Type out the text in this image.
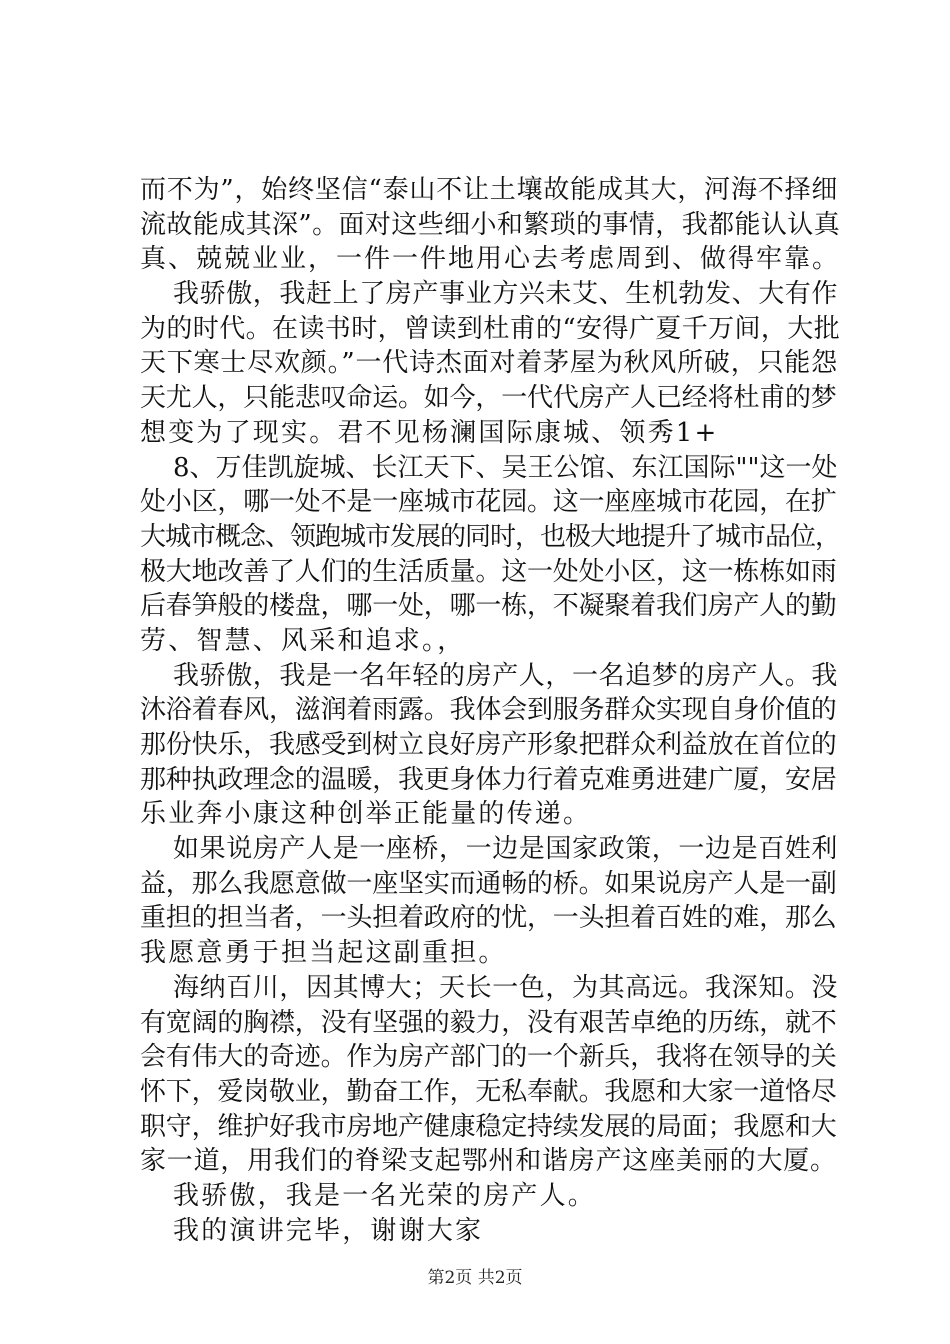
而不为”，始终坚信“泰山不让土壤故能成其大，河海不择细
流故能成其深”。面对这些细小和繁琐的事情，我都能认认真
真、兢兢业业，一件一件地用心去考虑周到、做得牢靠。
我骄傲，我赶上了房产事业方兴未艾、生机勃发、大有作
为的时代。在读书时，曾读到杜甫的“安得广夏千万间，大批
天下寒士尽欢颜。”一代诗杰面对着茅屋为秋风所破，只能怨
天尤人，只能悲叹命运。如今，一代代房产人已经将杜甫的梦
想变为了现实。君不见杨澜国际康城、领秀1+
8、万佳凯旋城、长江天下、吴王公馆、东江国际""这一处
处小区，哪一处不是一座城市花园。这一座座城市花园，在扩
大城市概念、领跑城市发展的同时，也极大地提升了城市品位，
极大地改善了人们的生活质量。这一处处小区，这一栋栋如雨
后春笋般的楼盘，哪一处，哪一栋，不凝聚着我们房产人的勤
劳、智慧、风采和追求。，
我骄傲，我是一名年轻的房产人，一名追梦的房产人。我
沐浴着春风，滋润着雨露。我体会到服务群众实现自身价值的
那份快乐，我感受到树立良好房产形象把群众利益放在首位的
那种执政理念的温暖，我更身体力行着克难勇进建广厦，安居
乐业奔小康这种创举正能量的传递。
如果说房产人是一座桥，一边是国家政策，一边是百姓利
益，那么我愿意做一座坚实而通畅的桥。如果说房产人是一副
重担的担当者，一头担着政府的忧，一头担着百姓的难，那么
我愿意勇于担当起这副重担。
海纳百川，因其博大；天长一色，为其高远。我深知。没
有宽阔的胸襟，没有坚强的毅力，没有艰苦卓绝的历练，就不
会有伟大的奇迹。作为房产部门的一个新兵，我将在领导的关
怀下，爱岗敬业，勤奋工作，无私奉献。我愿和大家一道恪尽
职守，维护好我市房地产健康稳定持续发展的局面；我愿和大
家一道，用我们的脊梁支起鄂州和谐房产这座美丽的大厦。
我骄傲，我是一名光荣的房产人。
我的演讲完毕，谢谢大家
第2页 共2页
